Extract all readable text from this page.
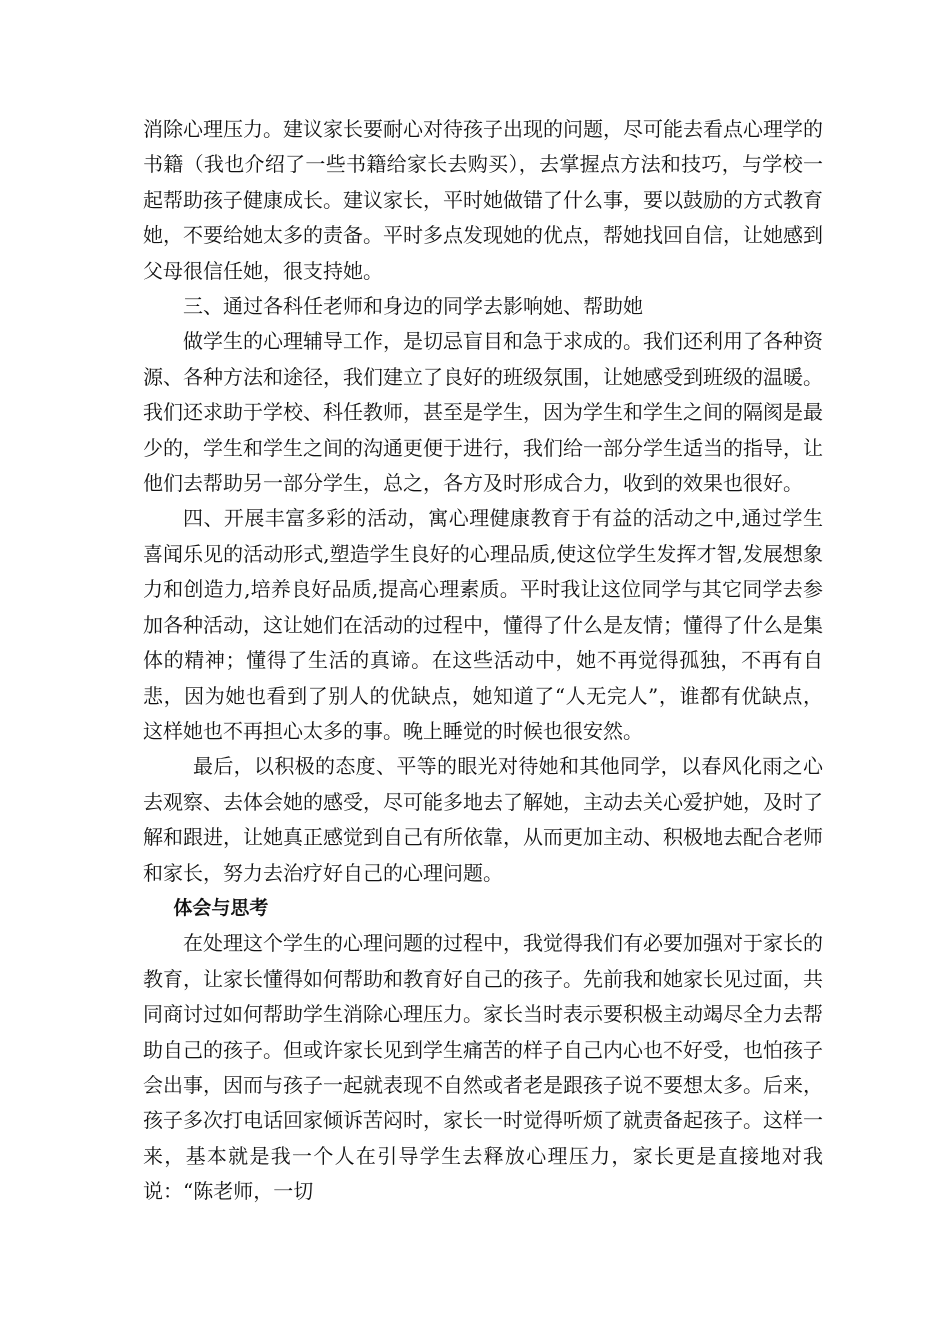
消除心理压力。建议家长要耐心对待孩子出现的问题，尽可能去看点心理学的书籍（我也介绍了一些书籍给家长去购买），去掌握点方法和技巧，与学校一起帮助孩子健康成长。建议家长，平时她做错了什么事，要以鼓励的方式教育她，不要给她太多的责备。平时多点发现她的优点，帮她找回自信，让她感到父母很信任她，很支持她。

三、通过各科任老师和身边的同学去影响她、帮助她

做学生的心理辅导工作，是切忌盲目和急于求成的。我们还利用了各种资源、各种方法和途径，我们建立了良好的班级氛围，让她感受到班级的温暖。我们还求助于学校、科任教师，甚至是学生，因为学生和学生之间的隔阂是最少的，学生和学生之间的沟通更便于进行，我们给一部分学生适当的指导，让他们去帮助另一部分学生，总之，各方及时形成合力，收到的效果也很好。

四、开展丰富多彩的活动，寓心理健康教育于有益的活动之中,通过学生喜闻乐见的活动形式,塑造学生良好的心理品质,使这位学生发挥才智,发展想象力和创造力,培养良好品质,提高心理素质。平时我让这位同学与其它同学去参加各种活动，这让她们在活动的过程中，懂得了什么是友情；懂得了什么是集体的精神；懂得了生活的真谛。在这些活动中，她不再觉得孤独，不再有自悲，因为她也看到了别人的优缺点，她知道了“人无完人”，谁都有优缺点，这样她也不再担心太多的事。晚上睡觉的时候也很安然。

最后，以积极的态度、平等的眼光对待她和其他同学，以春风化雨之心去观察、去体会她的感受，尽可能多地去了解她，主动去关心爱护她，及时了解和跟进，让她真正感觉到自己有所依靠，从而更加主动、积极地去配合老师和家长，努力去治疗好自己的心理问题。

体会与思考

在处理这个学生的心理问题的过程中，我觉得我们有必要加强对于家长的教育，让家长懂得如何帮助和教育好自己的孩子。先前我和她家长见过面，共同商讨过如何帮助学生消除心理压力。家长当时表示要积极主动竭尽全力去帮助自己的孩子。但或许家长见到学生痛苦的样子自己内心也不好受，也怕孩子会出事，因而与孩子一起就表现不自然或者老是跟孩子说不要想太多。后来，孩子多次打电话回家倾诉苦闷时，家长一时觉得听烦了就责备起孩子。这样一来，基本就是我一个人在引导学生去释放心理压力，家长更是直接地对我说：“陈老师，一切
